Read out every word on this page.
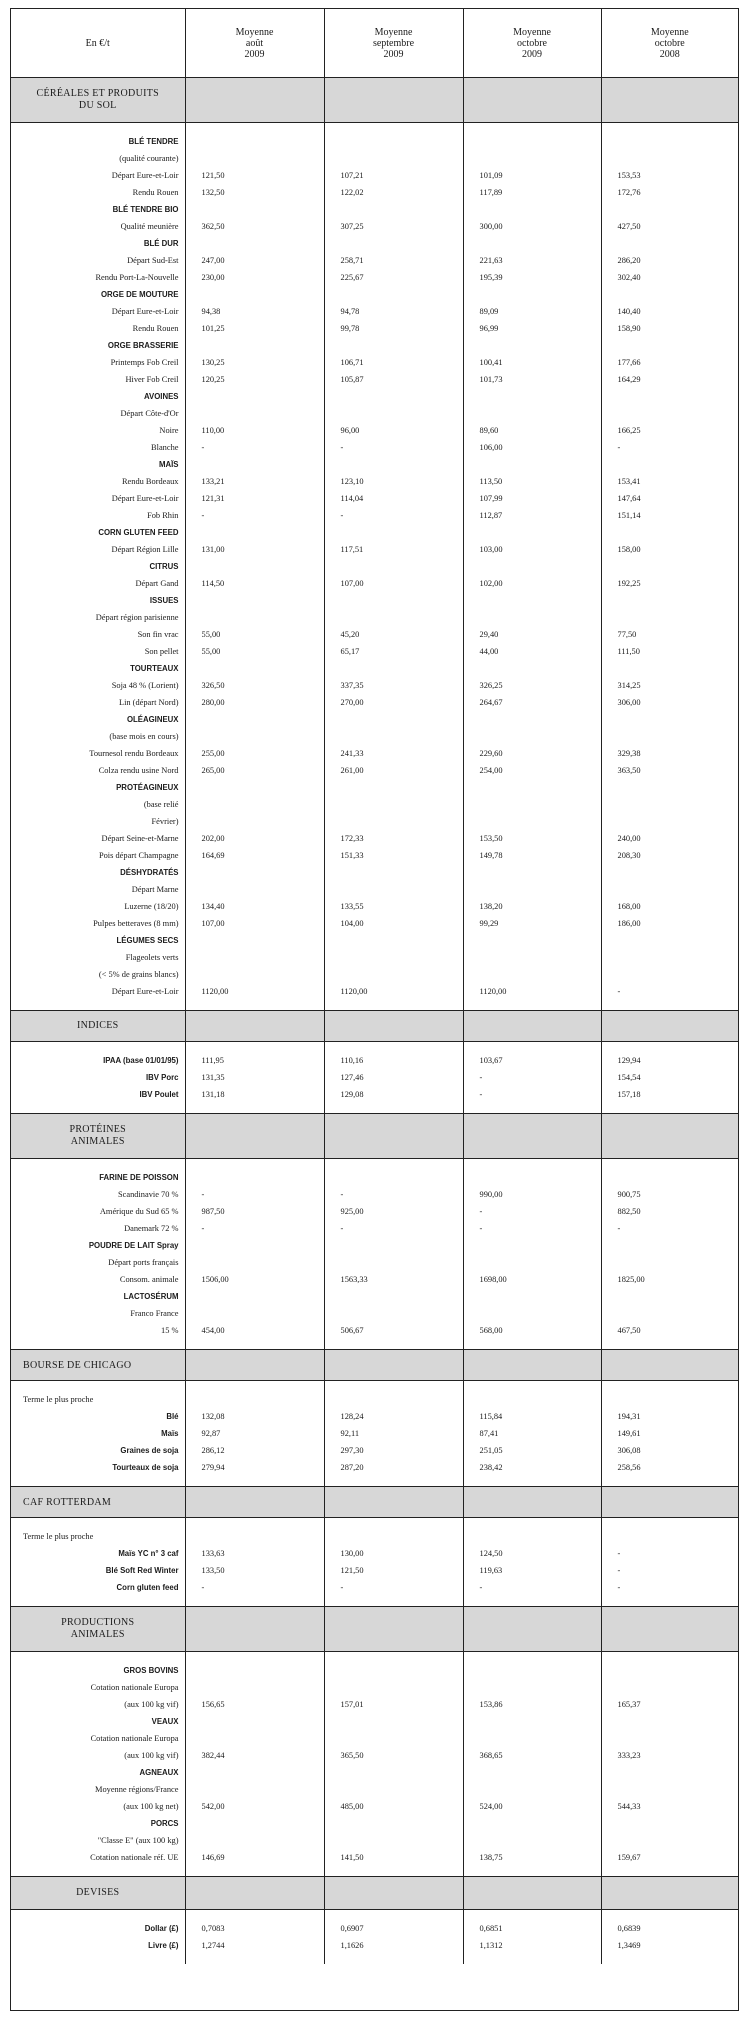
En €/t	Moyenne
août
2009	Moyenne
septembre
2009	Moyenne
octobre
2009	Moyenne
octobre
2008

CÉRÉALES ET PRODUITS
DU SOL				

BLÉ TENDRE				
(qualité courante)				
Départ Eure-et-Loir	121,50	107,21	101,09	153,53
Rendu Rouen	132,50	122,02	117,89	172,76
BLÉ TENDRE BIO				
Qualité meunière	362,50	307,25	300,00	427,50
BLÉ DUR				
Départ Sud-Est	247,00	258,71	221,63	286,20
Rendu Port-La-Nouvelle	230,00	225,67	195,39	302,40
ORGE DE MOUTURE				
Départ Eure-et-Loir	94,38	94,78	89,09	140,40
Rendu Rouen	101,25	99,78	96,99	158,90
ORGE BRASSERIE				
Printemps Fob Creil	130,25	106,71	100,41	177,66
Hiver Fob Creil	120,25	105,87	101,73	164,29
AVOINES				
Départ Côte-d'Or				
Noire	110,00	96,00	89,60	166,25
Blanche	-	-	106,00	-
MAÏS				
Rendu Bordeaux	133,21	123,10	113,50	153,41
Départ Eure-et-Loir	121,31	114,04	107,99	147,64
Fob Rhin	-	-	112,87	151,14
CORN GLUTEN FEED				
Départ Région Lille	131,00	117,51	103,00	158,00
CITRUS				
Départ Gand	114,50	107,00	102,00	192,25
ISSUES				
Départ région parisienne				
Son fin vrac	55,00	45,20	29,40	77,50
Son pellet	55,00	65,17	44,00	111,50
TOURTEAUX				
Soja 48 % (Lorient)	326,50	337,35	326,25	314,25
Lin (départ Nord)	280,00	270,00	264,67	306,00
OLÉAGINEUX				
(base mois en cours)				
Tournesol rendu Bordeaux	255,00	241,33	229,60	329,38
Colza rendu usine Nord	265,00	261,00	254,00	363,50
PROTÉAGINEUX				
(base relié				
Février)				
Départ Seine-et-Marne	202,00	172,33	153,50	240,00
Pois départ Champagne	164,69	151,33	149,78	208,30
DÉSHYDRATÉS				
Départ Marne				
Luzerne (18/20)	134,40	133,55	138,20	168,00
Pulpes betteraves (8 mm)	107,00	104,00	99,29	186,00
LÉGUMES SECS				
Flageolets verts				
(< 5% de grains blancs)				
Départ Eure-et-Loir	1120,00	1120,00	1120,00	-

INDICES				

IPAA (base 01/01/95)	111,95	110,16	103,67	129,94
IBV Porc	131,35	127,46	-	154,54
IBV Poulet	131,18	129,08	-	157,18

PROTÉINES
ANIMALES				

FARINE DE POISSON				
Scandinavie 70 %	-	-	990,00	900,75
Amérique du Sud 65 %	987,50	925,00	-	882,50
Danemark 72 %	-	-	-	-
POUDRE DE LAIT Spray				
Départ ports français				
Consom. animale	1506,00	1563,33	1698,00	1825,00
LACTOSÉRUM				
Franco France				
15 %	454,00	506,67	568,00	467,50

BOURSE DE CHICAGO				

Terme le plus proche				
Blé	132,08	128,24	115,84	194,31
Maïs	92,87	92,11	87,41	149,61
Graines de soja	286,12	297,30	251,05	306,08
Tourteaux de soja	279,94	287,20	238,42	258,56

CAF ROTTERDAM				

Terme le plus proche				
Maïs YC n° 3 caf	133,63	130,00	124,50	-
Blé Soft Red Winter	133,50	121,50	119,63	-
Corn gluten feed	-	-	-	-

PRODUCTIONS
ANIMALES				

GROS BOVINS				
Cotation nationale Europa				
(aux 100 kg vif)	156,65	157,01	153,86	165,37
VEAUX				
Cotation nationale Europa				
(aux 100 kg vif)	382,44	365,50	368,65	333,23
AGNEAUX				
Moyenne régions/France				
(aux 100 kg net)	542,00	485,00	524,00	544,33
PORCS				
"Classe E" (aux 100 kg)				
Cotation nationale réf. UE	146,69	141,50	138,75	159,67

DEVISES				

Dollar (£)	0,7083	0,6907	0,6851	0,6839
Livre (£)	1,2744	1,1626	1,1312	1,3469
